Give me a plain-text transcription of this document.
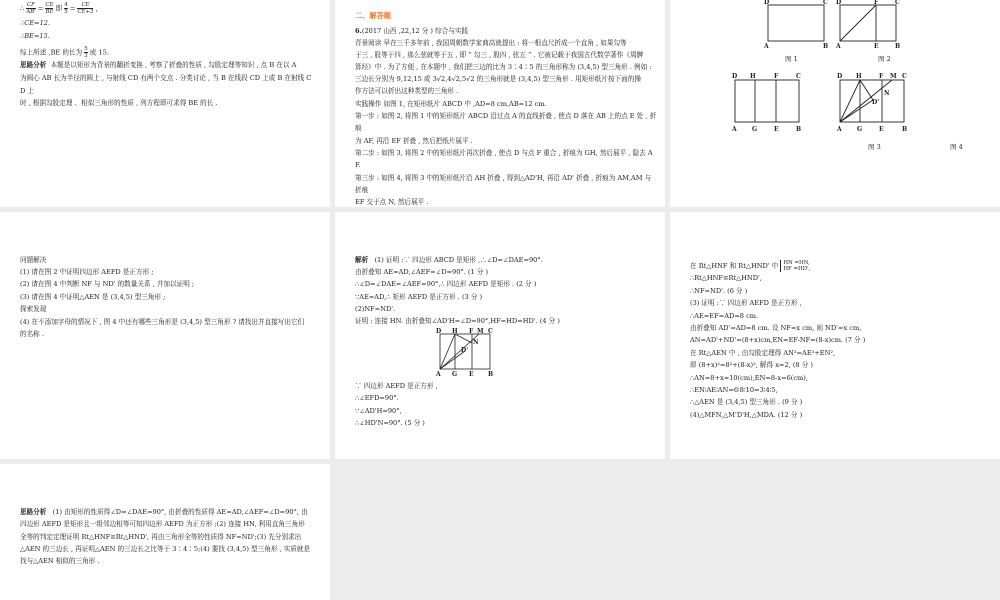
∴ $\frac{CF}{AB'} = \frac{CE}{BE}$ 即 $\frac{4}{5} = \frac{CE}{CE+3}$ ,
∴CE=12.
∴BE=15.
综上所述 ,BE 的长为 $\frac{5}{3}$ 或 15.
思路分析 本题是以矩形为背景的翻折变换 , 考察了折叠的性质 , 勾股定理等知识 , 点 B 在以 A
为圆心 AB 长为半径的圆上 , 与射线 CD 有两个交点 . 分类讨论 , 当 B 在线段 CD 上或 B 在射线 C
D 上
时 , 根据勾股定理 、相似三角形的性质 , 列方程即可求得 BE 的长 .
二、解答题
6.(2017 山西 ,22,12 分 ) 综合与实践
背景阅读 早在三千多年前 , 我国周朝数学家商高就提出 : 将一根直尺折成一个直角 , 如果勾等
于三 , 股等于四 , 那么弦就等于五 , 即 “ 勾三 , 股四 , 弦五 ” . 它被记载于我国古代数学著作《周髀
算经》中 . 为了方便 , 在本题中 , 我们把三边的比为 3∶4∶5 的三角形称为 (3,4,5) 型三角形 . 例如 :
三边长分别为 9,12,15 或 3√2,4√2,5√2 的三角形就是 (3,4,5) 型三角形 . 用矩形纸片按下面的操
作方法可以折出这种类型的三角形 .
实践操作 如图 1, 在矩形纸片 ABCD 中 ,AD=8 cm,AB=12 cm.
第一步 : 如图 2, 将图 1 中的矩形纸片 ABCD 沿过点 A 的直线折叠 , 使点 D 落在 AB 上的点 E 处 , 折
痕
为 AF, 再沿 EF 折叠 , 然后把纸片展平 .
第二步 : 如图 3, 将图 2 中的矩形纸片再次折叠 , 使点 D 与点 F 重合 , 折痕为 GH, 然后展平 , 隐去 A
F.
第三步 : 如图 4, 将图 3 中的矩形纸片沿 AH 折叠 , 得到△AD'H, 再沿 AD' 折叠 , 折痕为 AM,AM 与
折痕
EF 交于点 N, 然后展平 .
D	C
A	B
D	F	C
A	E	B
D H	F	C
A	G	E	B
D H	F M C
N
D'
A	G	E	B
图 1	图 2
图 3	图 4
问题解决
(1) 请在图 2 中证明四边形 AEFD 是正方形 ;
(2) 请在图 4 中判断 NF 与 ND' 的数量关系 , 并加以证明 ;
(3) 请在图 4 中证明△AEN 是 (3,4,5) 型三角形 ;
探索发现
(4) 在不添加字母的情况下 , 图 4 中还有哪些三角形是 (3,4,5) 型三角形 ? 请找出并直接写出它们
的名称 .
解析 (1) 证明 :∵ 四边形 ABCD 是矩形 ,∴∠D=∠DAE=90°.
由折叠知 AE=AD,∠AEF=∠D=90°. (1 分 )
∴∠D=∠DAE=∠AEF=90°,∴ 四边形 AEFD 是矩形 . (2 分 )
∵AE=AD,∴ 矩形 AEFD 是正方形 . (3 分 )
(2)NF=ND'.
证明 : 连接 HN. 由折叠知∠AD'H=∠D=90°,HF=HD=HD'. (4 分 )
D H F M C
N
D'
A G E B
∵ 四边形 AEFD 是正方形 ,
∴∠EFD=90°.
∵∠AD'H=90°,
∴∠HD'N=90°. (5 分 )
在 Rt△HNF 和 Rt△HND' 中 HN =HN,
HF =HD',
∴Rt△HNF≌Rt△HND',
∴NF=ND'. (6 分 )
(3) 证明 :∵ 四边形 AEFD 是正方形 ,
∴AE=EF=AD=8 cm.
由折叠知 AD'=AD=8 cm. 设 NF=x cm, 则 ND'=x cm,
AN=AD'+ND'=(8+x)cm,EN=EF-NF=(8-x)cm. (7 分 )
在 Rt△AEN 中 , 由勾股定理得 AN²=AE²+EN²,
即 (8+x)²=8²+(8-x)², 解得 x=2, (8 分 )
∴AN=8+x=10(cm),EN=8-x=6(cm),
∴EN∶AE∶AN=6∶8∶10=3∶4∶5,
∴△AEN 是 (3,4,5) 型三角形 . (9 分 )
(4)△MFN,△M'D'H,△MDA. (12 分 )
思路分析 (1) 由矩形的性质得∠D=∠DAE=90°, 由折叠的性质得 AE=AD,∠AEF=∠D=90°, 由
四边形 AEFD 是矩形且一组邻边相等可知四边形 AEFD 为正方形 ;(2) 连接 HN, 利用直角三角形
全等的判定定理证明 Rt△HNF≌Rt△HND', 再由三角形全等的性质得 NF=ND';(3) 先分别求出
△AEN 的三边长 , 再证明△AEN 的三边长之比等于 3∶4∶5;(4) 要找 (3,4,5) 型三角形 , 实质就是
找与△AEN 相似的三角形 .
